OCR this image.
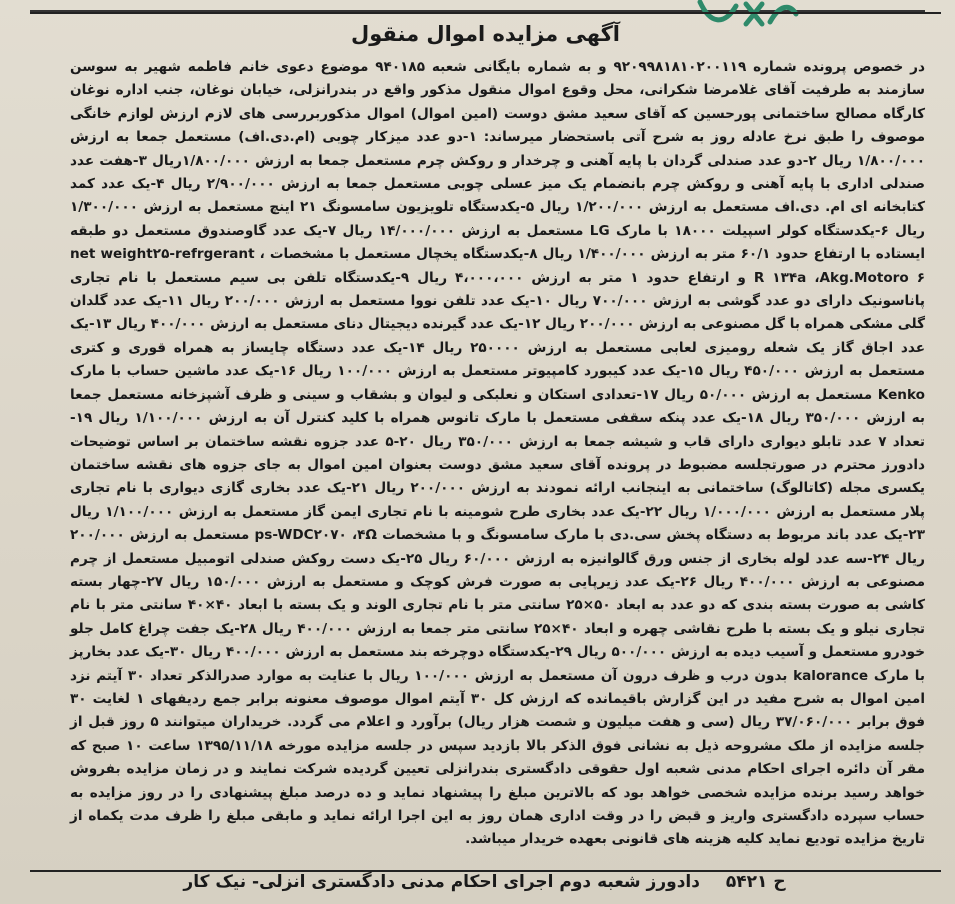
آگهی مزایده اموال منقول

در خصوص پرونده شماره ۹۲۰۹۹۸۱۸۱۰۲۰۰۱۱۹ و به شماره بایگانی شعبه ۹۴۰۱۸۵ موضوع دعوی خانم فاطمه شهیر به سوسن سازمند به طرفیت آقای غلامرضا شکرانی، محل وقوع اموال منقول مذکور واقع در بندرانزلی، خیابان نوغان، جنب اداره نوغان کارگاه مصالح ساختمانی پورحسین که آقای سعید مشق دوست (امین اموال) اموال مذکوربررسی های لازم ارزش لوازم خانگی موصوف را طبق نرخ عادله روز به شرح آتی باستحضار میرساند: ۱-دو عدد میزکار چوبی (ام.دی.اف) مستعمل جمعا به ارزش ۱/۸۰۰/۰۰۰ ریال ۲-دو عدد صندلی گردان با پایه آهنی و چرخدار و روکش چرم مستعمل جمعا به ارزش ۱/۸۰۰/۰۰۰ریال ۳-هفت عدد صندلی اداری با پایه آهنی و روکش چرم بانضمام یک میز عسلی چوبی مستعمل جمعا به ارزش ۲/۹۰۰/۰۰۰ ریال ۴-یک عدد کمد کتابخانه ای ام. دی.اف مستعمل به ارزش ۱/۲۰۰/۰۰۰ ریال ۵-یکدستگاه تلویزیون سامسونگ ۲۱ اینچ مستعمل به ارزش ۱/۳۰۰/۰۰۰ ریال ۶-یکدستگاه کولر اسپیلت ۱۸۰۰۰ با مارک LG مستعمل به ارزش ۱۴/۰۰۰/۰۰۰ ریال ۷-یک عدد گاوصندوق مستعمل دو طبقه ایستاده با ارتفاع حدود ۶۰/۱ متر به ارزش ۱/۴۰۰/۰۰۰ ریال ۸-یکدستگاه یخچال مستعمل با مشخصات ، net weight۲۵-refrgerant R ۱۳۴a ،Akg.Motoro ۶ و ارتفاع حدود ۱ متر به ارزش ۴،۰۰۰،۰۰۰ ریال ۹-یکدستگاه تلفن بی سیم مستعمل با نام تجاری پاناسونیک دارای دو عدد گوشی به ارزش ۷۰۰/۰۰۰ ریال ۱۰-یک عدد تلفن نووا مستعمل به ارزش ۲۰۰/۰۰۰ ریال ۱۱-یک عدد گلدان گلی مشکی همراه با گل مصنوعی به ارزش ۲۰۰/۰۰۰ ریال ۱۲-یک عدد گیرنده دیجیتال دنای مستعمل به ارزش ۴۰۰/۰۰۰ ریال ۱۳-یک عدد اجاق گاز یک شعله رومیزی لعابی مستعمل به ارزش ۲۵۰۰۰۰ ریال ۱۴-یک عدد دستگاه چایساز به همراه قوری و کتری مستعمل به ارزش ۴۵۰/۰۰۰ ریال ۱۵-یک عدد کیبورد کامپیوتر مستعمل به ارزش ۱۰۰/۰۰۰ ریال ۱۶-یک عدد ماشین حساب با مارک Kenko مستعمل به ارزش ۵۰/۰۰۰ ریال ۱۷-تعدادی استکان و نعلبکی و لیوان و بشقاب و سینی و ظرف آشپزخانه مستعمل جمعا به ارزش ۳۵۰/۰۰۰ ریال ۱۸-یک عدد پنکه سقفی مستعمل با مارک تانوس همراه با کلید کنترل آن به ارزش ۱/۱۰۰/۰۰۰ ریال ۱۹-تعداد ۷ عدد تابلو دیواری دارای قاب و شیشه جمعا به ارزش ۳۵۰/۰۰۰ ریال ۲۰-۵ عدد جزوه نقشه ساختمان بر اساس توضیحات دادورز محترم در صورتجلسه مضبوط در پرونده آقای سعید مشق دوست بعنوان امین اموال به جای جزوه های نقشه ساختمان یکسری مجله (کاتالوگ) ساختمانی به اینجانب ارائه نمودند به ارزش ۲۰۰/۰۰۰ ریال ۲۱-یک عدد بخاری گازی دیواری با نام تجاری پلار مستعمل به ارزش ۱/۰۰۰/۰۰۰ ریال ۲۲-یک عدد بخاری طرح شومینه با نام تجاری ایمن گاز مستعمل به ارزش ۱/۱۰۰/۰۰۰ ریال ۲۳-یک عدد باند مربوط به دستگاه پخش سی.دی با مارک سامسونگ و با مشخصات ps-WDC۲۰۷۰ ،۴Ω مستعمل به ارزش ۲۰۰/۰۰۰ ریال ۲۴-سه عدد لوله بخاری از جنس ورق گالوانیزه به ارزش ۶۰/۰۰۰ ریال ۲۵-یک دست روکش صندلی اتومبیل مستعمل از چرم مصنوعی به ارزش ۴۰۰/۰۰۰ ریال ۲۶-یک عدد زیرپایی به صورت فرش کوچک و مستعمل به ارزش ۱۵۰/۰۰۰ ریال ۲۷-چهار بسته کاشی به صورت بسته بندی که دو عدد به ابعاد ۵۰×۲۵ سانتی متر با نام تجاری الوند و یک بسته با ابعاد ۴۰×۴۰ سانتی متر با نام تجاری نیلو و یک بسته با طرح نقاشی چهره و ابعاد ۴۰×۲۵ سانتی متر جمعا به ارزش ۴۰۰/۰۰۰ ریال ۲۸-یک جفت چراغ کامل جلو خودرو مستعمل و آسیب دیده به ارزش ۵۰۰/۰۰۰ ریال ۲۹-یکدستگاه دوچرخه بند مستعمل به ارزش ۴۰۰/۰۰۰ ریال ۳۰-یک عدد بخارپز با مارک kalorance بدون درب و ظرف درون آن مستعمل به ارزش ۱۰۰/۰۰۰ ریال با عنایت به موارد صدرالذکر تعداد ۳۰ آیتم نزد امین اموال به شرح مفید در این گزارش باقیمانده که ارزش کل ۳۰ آیتم اموال موصوف معنونه برابر جمع ردیفهای ۱ لغایت ۳۰ فوق برابر ۳۷/۰۶۰/۰۰۰ ریال (سی و هفت میلیون و شصت هزار ریال) برآورد و اعلام می گردد. خریداران میتوانند ۵ روز قبل از جلسه مزایده از ملک مشروحه ذیل به نشانی فوق الذکر بالا بازدید سپس در جلسه مزایده مورخه ۱۳۹۵/۱۱/۱۸ ساعت ۱۰ صبح که مقر آن دائره اجرای احکام مدنی شعبه اول حقوقی دادگستری بندرانزلی تعیین گردیده شرکت نمایند و در زمان مزایده بفروش خواهد رسید برنده مزایده شخصی خواهد بود که بالاترین مبلغ را پیشنهاد نماید و ده درصد مبلغ پیشنهادی را در روز مزایده به حساب سپرده دادگستری واریز و قبض را در وقت اداری همان روز به این اجرا ارائه نماید و مابقی مبلغ را ظرف مدت یکماه از تاریخ مزایده تودیع نماید کلیه هزینه های قانونی بعهده خریدار میباشد.

ح ۵۴۲۱ دادورز شعبه دوم اجرای احکام مدنی دادگستری انزلی- نیک کار
